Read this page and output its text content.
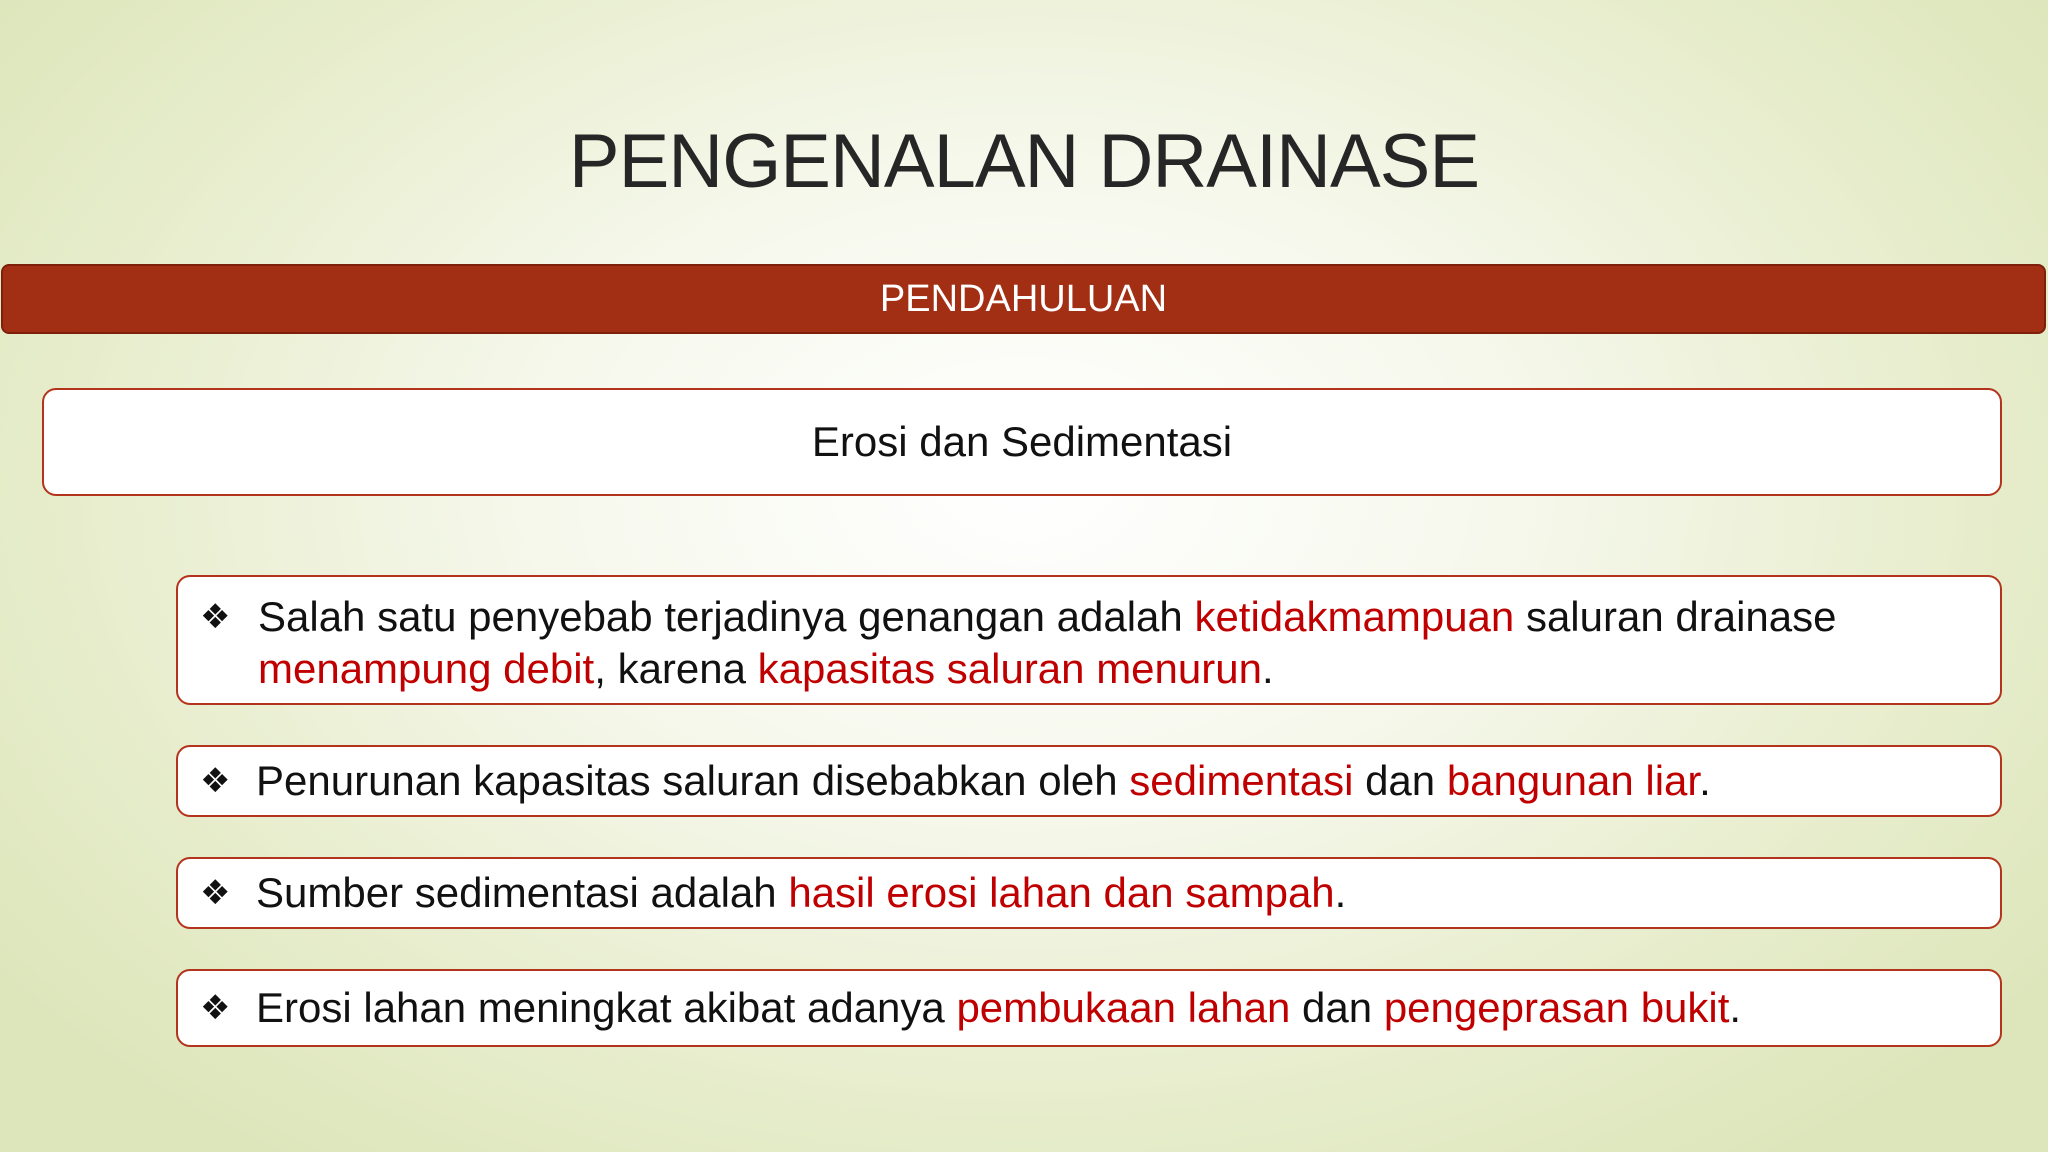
PENGENALAN DRAINASE
PENDAHULUAN
Erosi dan Sedimentasi
❖ Salah satu penyebab terjadinya genangan adalah ketidakmampuan saluran drainase menampung debit, karena kapasitas saluran menurun.
❖ Penurunan kapasitas saluran disebabkan oleh sedimentasi dan bangunan liar.
❖ Sumber sedimentasi adalah hasil erosi lahan dan sampah.
❖ Erosi lahan meningkat akibat adanya pembukaan lahan dan pengeprasan bukit.
